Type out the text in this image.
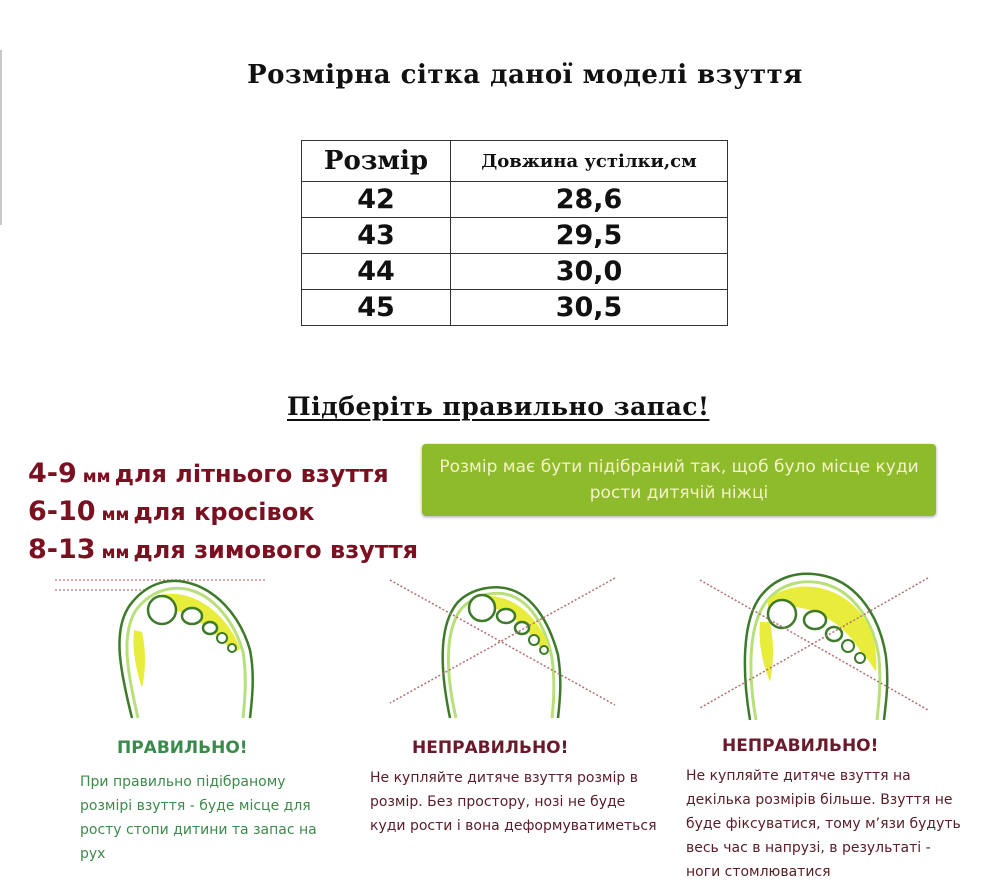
Розмірна сітка даної моделі взуття
Розмір	Довжина устілки,см
42	28,6
43	29,5
44	30,0
45	30,5
Підберіть правильно запас!
4-9 мм для літнього взуття
6-10 мм для кросівок
8-13 мм для зимового взуття
Розмір має бути підібраний так, щоб було місце куди рости дитячій ніжці
ПРАВИЛЬНО!
При правильно підібраному розмірі взуття - буде місце для росту стопи дитини та запас на рух
НЕПРАВИЛЬНО!
Не купляйте дитяче взуття розмір в розмір. Без простору, нозі не буде куди рости і вона деформуватиметься
НЕПРАВИЛЬНО!
Не купляйте дитяче взуття на декілька розмірів більше. Взуття не буде фіксуватися, тому м’язи будуть весь час в напрузі, в результаті - ноги стомлюватися
